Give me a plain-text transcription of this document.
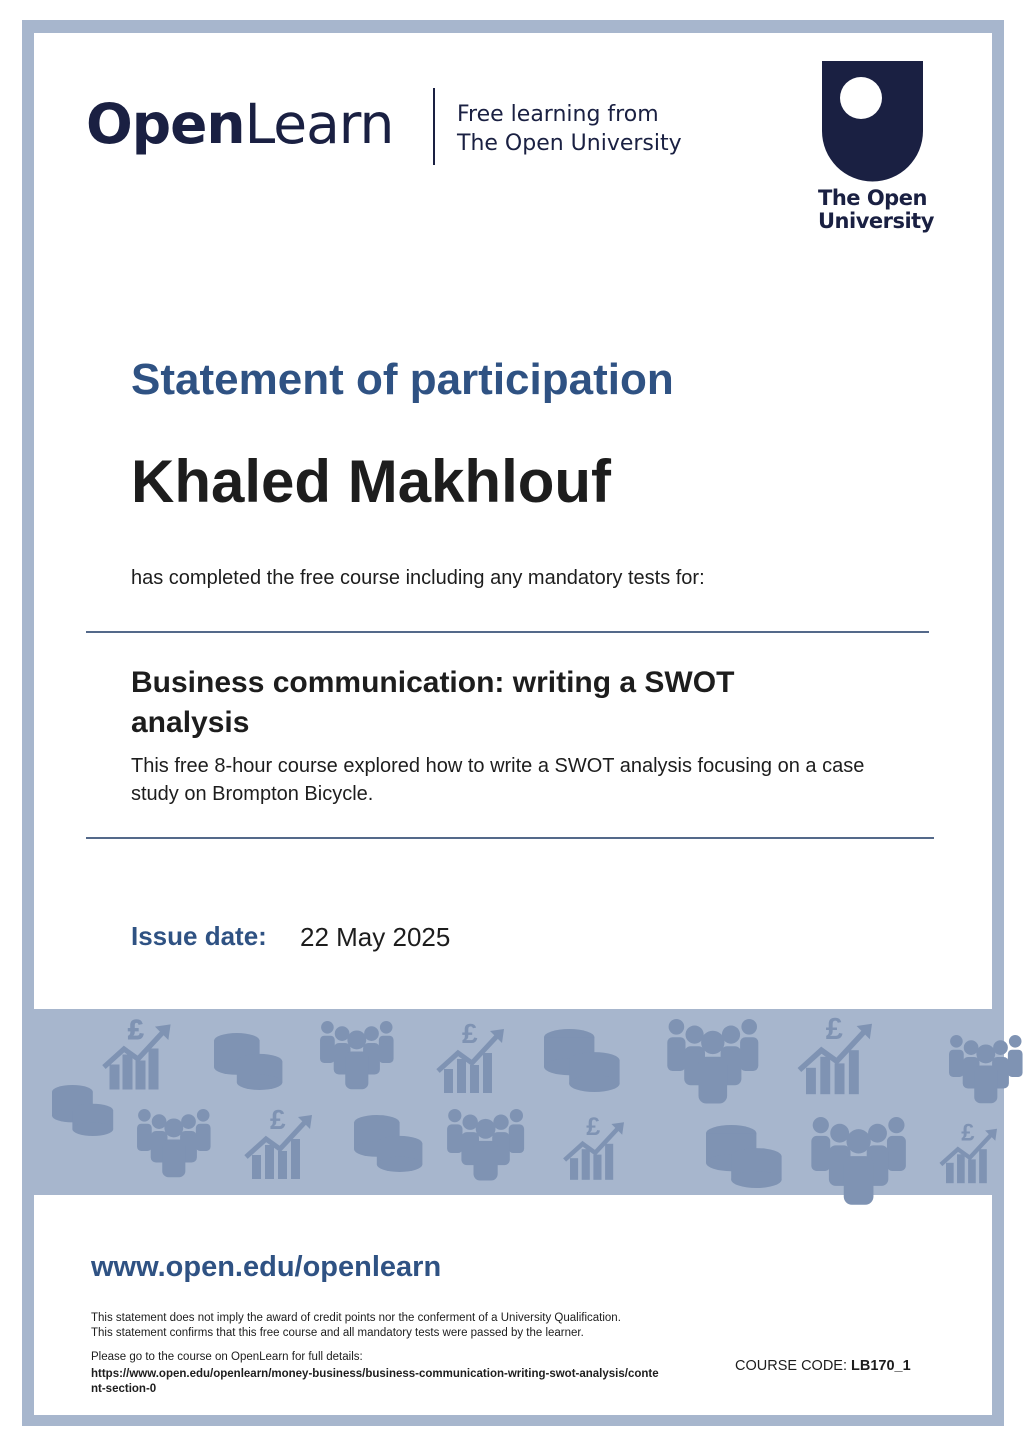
OpenLearn	Free learning from
The Open University
The Open
University
Statement of participation
Khaled Makhlouf
has completed the free course including any mandatory tests for:
Business communication: writing a SWOT analysis
This free 8-hour course explored how to write a SWOT analysis focusing on a case study on Brompton Bicycle.
Issue date: 22 May 2025
www.open.edu/openlearn
This statement does not imply the award of credit points nor the conferment of a University Qualification.
This statement confirms that this free course and all mandatory tests were passed by the learner.
Please go to the course on OpenLearn for full details:
https://www.open.edu/openlearn/money-business/business-communication-writing-swot-analysis/content-section-0
COURSE CODE: LB170_1
